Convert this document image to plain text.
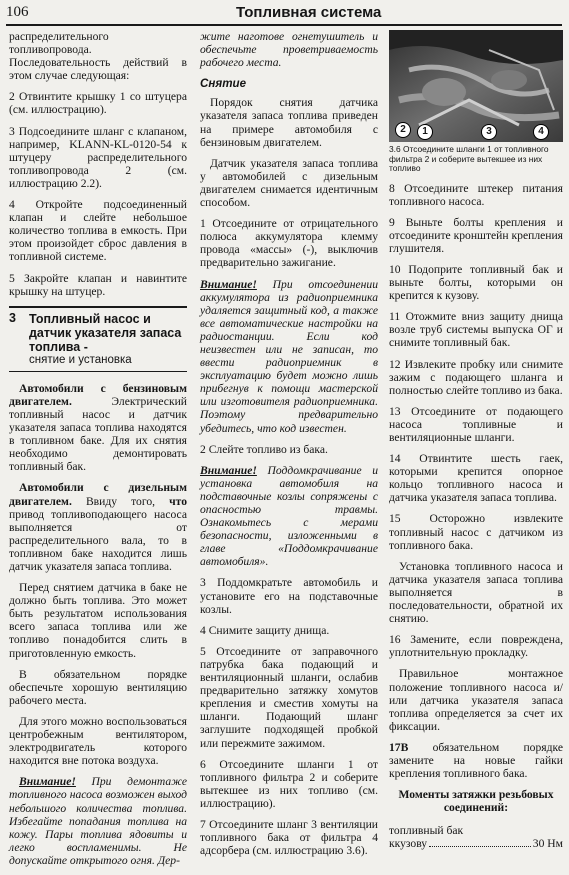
106	Топливная система

распределительного топливопровода. Последовательность действий в этом случае следующая:

2 Отвинтите крышку 1 со штуцера (см. иллюстрацию).

3 Подсоедините шланг с клапаном, например, KLANN-KL-0120-54 к штуцеру распределительного топливопровода 2 (см. иллюстрацию 2.2).

4 Откройте подсоединенный клапан и слейте небольшое количество топлива в емкость. При этом произойдет сброс давления в топливной системе.

5 Закройте клапан и навинтите крышку на штуцер.

3	Топливный насос и датчик указателя запаса топлива -
снятие и установка

Автомобили с бензиновым двигателем. Электрический топливный насос и датчик указателя запаса топлива находятся в топливном баке. Для их снятия необходимо демонтировать топливный бак.

Автомобили с дизельным двигателем. Ввиду того, что привод топливоподающего насоса выполняется от распределительного вала, то в топливном баке находится лишь датчик указателя запаса топлива.

Перед снятием датчика в баке не должно быть топлива. Это может быть результатом использования всего запаса топлива или же топливо понадобится слить в приготовленную емкость.

В обязательном порядке обеспечьте хорошую вентиляцию рабочего места.

Для этого можно воспользоваться центробежным вентилятором, электродвигатель которого находится вне потока воздуха.

Внимание! При демонтаже топливного насоса возможен выход небольшого количества топлива. Избегайте попадания топлива на кожу. Пары топлива ядовиты и легко воспламенимы. Не допускайте открытого огня. Дер-

жите наготове огнетушитель и обеспечьте проветриваемость рабочего места.

Снятие

Порядок снятия датчика указателя запаса топлива приведен на примере автомобиля с бензиновым двигателем.

Датчик указателя запаса топлива у автомобилей с дизельным двигателем снимается идентичным способом.

1 Отсоедините от отрицательного полюса аккумулятора клемму провода «массы» (-), выключив предварительно зажигание.

Внимание! При отсоединении аккумулятора из радиоприемника удаляется защитный код, а также все автоматические настройки на радиостанции. Если код неизвестен или не записан, то ввести радиоприемник в эксплуатацию будет можно лишь прибегнув к помощи мастерской или изготовителя радиоприемника. Поэтому предварительно убедитесь, что код известен.

2 Слейте топливо из бака.

Внимание! Поддомкрачивание и установка автомобиля на подставочные козлы сопряжены с опасностью травмы. Ознакомьтесь с мерами безопасности, изложенными в главе «Поддомкрачивание автомобиля».

3 Поддомкратьте автомобиль и установите его на подставочные козлы.

4 Снимите защиту днища.

5 Отсоедините от заправочного патрубка бака подающий и вентиляционный шланги, ослабив предварительно затяжку хомутов крепления и сместив хомуты на шланги. Подающий шланг заглушите подходящей пробкой или пережмите зажимом.

6 Отсоедините шланги 1 от топливного фильтра 2 и соберите вытекшее из них топливо (см. иллюстрацию).

7 Отсоедините шланг 3 вентиляции топливного бака от фильтра 4 адсорбера (см. иллюстрацию 3.6).

2	1	3	4
3.6 Отсоедините шланги 1 от топливного фильтра 2 и соберите вытекшее из них топливо

8 Отсоедините штекер питания топливного насоса.

9 Выньте болты крепления и отсоедините кронштейн крепления глушителя.

10 Подоприте топливный бак и выньте болты, которыми он крепится к кузову.

11 Отожмите вниз защиту днища возле труб системы выпуска ОГ и снимите топливный бак.

12 Извлеките пробку или снимите зажим с подающего шланга и полностью слейте топливо из бака.

13 Отсоедините от подающего насоса топливные и вентиляционные шланги.

14 Отвинтите шесть гаек, которыми крепится опорное кольцо топливного насоса и датчика указателя запаса топлива.

15 Осторожно извлеките топливный насос с датчиком из топливного бака.

Установка топливного насоса и датчика указателя запаса топлива выполняется в последовательности, обратной их снятию.

16 Замените, если повреждена, уплотнительную прокладку.

Правильное монтажное положение топливного насоса и/или датчика указателя запаса топлива определяется за счет их фиксации.

17В обязательном порядке замените на новые гайки крепления топливного бака.

Моменты затяжки резьбовых соединений:
топливный бак
ккузову	30 Нм
